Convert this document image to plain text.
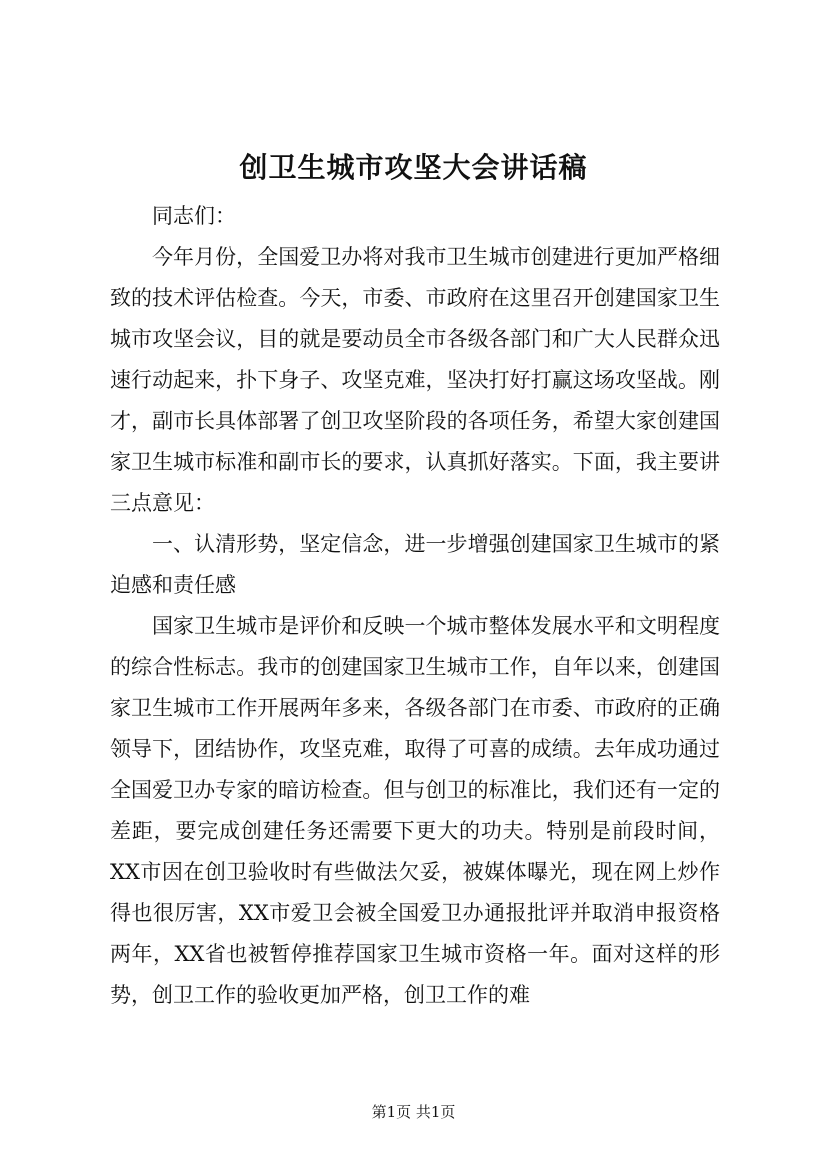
创卫生城市攻坚大会讲话稿

同志们：

今年月份，全国爱卫办将对我市卫生城市创建进行更加严格细致的技术评估检查。今天，市委、市政府在这里召开创建国家卫生城市攻坚会议，目的就是要动员全市各级各部门和广大人民群众迅速行动起来，扑下身子、攻坚克难，坚决打好打赢这场攻坚战。刚才，副市长具体部署了创卫攻坚阶段的各项任务，希望大家创建国家卫生城市标准和副市长的要求，认真抓好落实。下面，我主要讲三点意见：

一、认清形势，坚定信念，进一步增强创建国家卫生城市的紧迫感和责任感

国家卫生城市是评价和反映一个城市整体发展水平和文明程度的综合性标志。我市的创建国家卫生城市工作，自年以来，创建国家卫生城市工作开展两年多来，各级各部门在市委、市政府的正确领导下，团结协作，攻坚克难，取得了可喜的成绩。去年成功通过全国爱卫办专家的暗访检查。但与创卫的标准比，我们还有一定的差距，要完成创建任务还需要下更大的功夫。特别是前段时间，XX市因在创卫验收时有些做法欠妥，被媒体曝光，现在网上炒作得也很厉害，XX市爱卫会被全国爱卫办通报批评并取消申报资格两年，XX省也被暂停推荐国家卫生城市资格一年。面对这样的形势，创卫工作的验收更加严格，创卫工作的难

第1页 共1页
